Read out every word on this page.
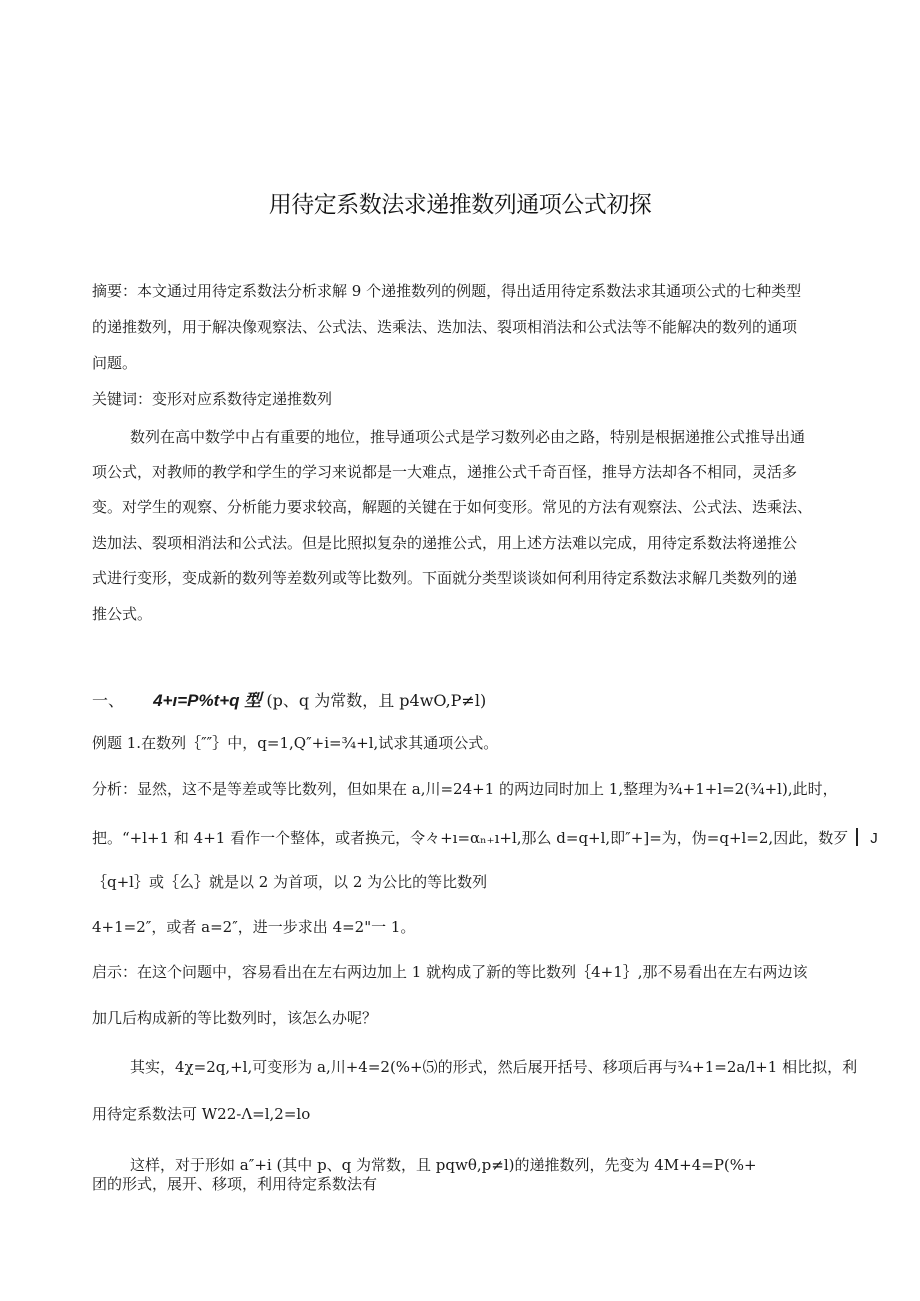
用待定系数法求递推数列通项公式初探
摘要：本文通过用待定系数法分析求解 9 个递推数列的例题，得出适用待定系数法求其通项公式的七种类型
的递推数列，用于解决像观察法、公式法、迭乘法、迭加法、裂项相消法和公式法等不能解决的数列的通项
问题。
关键词：变形对应系数待定递推数列
数列在高中数学中占有重要的地位，推导通项公式是学习数列必由之路，特别是根据递推公式推导出通
项公式，对教师的教学和学生的学习来说都是一大难点，递推公式千奇百怪，推导方法却各不相同，灵活多
变。对学生的观察、分析能力要求较高，解题的关键在于如何变形。常见的方法有观察法、公式法、迭乘法、
迭加法、裂项相消法和公式法。但是比照拟复杂的递推公式，用上述方法难以完成，用待定系数法将递推公
式进行变形，变成新的数列等差数列或等比数列。下面就分类型谈谈如何利用待定系数法求解几类数列的递
推公式。
一、 4+ı=P%t+q 型 (p、q 为常数，且 p4wO,P≠l)
例题 1.在数列｛″″｝中，q=1,Q″+i=¾+l,试求其通项公式。
分析：显然，这不是等差或等比数列，但如果在 a,川=24+1 的两边同时加上 1,整理为¾+1+l=2(¾+l),此时，
把。“+l+1 和 4+1 看作一个整体，或者换元，令々+ı=αₙ₊ı+l,那么 d=q+l,即″+]=为，伪=q+l=2,因此，数歹 J
｛q+l｝或｛么｝就是以 2 为首项，以 2 为公比的等比数列
4+1=2″，或者 a=2″，进一步求出 4=2"一 1。
启示：在这个问题中，容易看出在左右两边加上 1 就构成了新的等比数列｛4+1｝,那不易看出在左右两边该
加几后构成新的等比数列时，该怎么办呢？
其实，4χ=2q,+l,可变形为 a,川+4=2(%+⑸的形式，然后展开括号、移项后再与¾+1=2a/l+1 相比拟，利
用待定系数法可 W22-Λ=l,2=lo
这样，对于形如 a″+i (其中 p、q 为常数，且 pqwθ,p≠l)的递推数列，先变为 4M+4=P(%+
团的形式，展开、移项，利用待定系数法有
